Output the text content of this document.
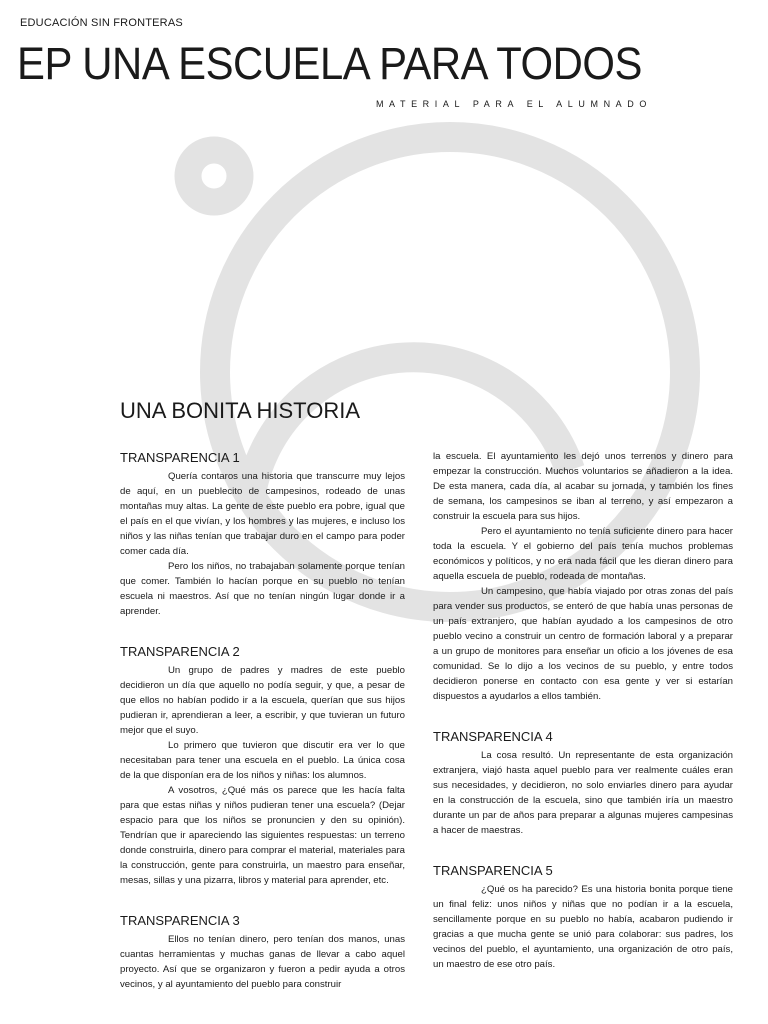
EDUCACIÓN SIN FRONTERAS
EP UNA ESCUELA PARA TODOS
MATERIAL PARA EL ALUMNADO
UNA BONITA HISTORIA
TRANSPARENCIA 1

Quería contaros una historia que transcurre muy lejos de aquí, en un pueblecito de campesinos, rodeado de unas montañas muy altas. La gente de este pueblo era pobre, igual que el país en el que vivían, y los hombres y las mujeres, e incluso los niños y las niñas tenían que trabajar duro en el campo para poder comer cada día.

Pero los niños, no trabajaban solamente porque tenían que comer. También lo hacían porque en su pueblo no tenían escuela ni maestros. Así que no tenían ningún lugar donde ir a aprender.

TRANSPARENCIA 2

Un grupo de padres y madres de este pueblo decidieron un día que aquello no podía seguir, y que, a pesar de que ellos no habían podido ir a la escuela, querían que sus hijos pudieran ir, aprendieran a leer, a escribir, y que tuvieran un futuro mejor que el suyo.

Lo primero que tuvieron que discutir era ver lo que necesitaban para tener una escuela en el pueblo. La única cosa de la que disponían era de los niños y niñas: los alumnos.

A vosotros, ¿Qué más os parece que les hacía falta para que estas niñas y niños pudieran tener una escuela? (Dejar espacio para que los niños se pronuncien y den su opinión). Tendrían que ir apareciendo las siguientes respuestas: un terreno donde construirla, dinero para comprar el material, materiales para la construcción, gente para construirla, un maestro para enseñar, mesas, sillas y una pizarra, libros y material para aprender, etc.

TRANSPARENCIA 3

Ellos no tenían dinero, pero tenían dos manos, unas cuantas herramientas y muchas ganas de llevar a cabo aquel proyecto. Así que se organizaron y fueron a pedir ayuda a otros vecinos, y al ayuntamiento del pueblo para construir

la escuela. El ayuntamiento les dejó unos terrenos y dinero para empezar la construcción. Muchos voluntarios se añadieron a la idea. De esta manera, cada día, al acabar su jornada, y también los fines de semana, los campesinos se iban al terreno, y así empezaron a construir la escuela para sus hijos.

Pero el ayuntamiento no tenía suficiente dinero para hacer toda la escuela. Y el gobierno del país tenía muchos problemas económicos y políticos, y no era nada fácil que les dieran dinero para aquella escuela de pueblo, rodeada de montañas.

Un campesino, que había viajado por otras zonas del país para vender sus productos, se enteró de que había unas personas de un país extranjero, que habían ayudado a los campesinos de otro pueblo vecino a construir un centro de formación laboral y a preparar a un grupo de monitores para enseñar un oficio a los jóvenes de esa comunidad. Se lo dijo a los vecinos de su pueblo, y entre todos decidieron ponerse en contacto con esa gente y ver si estarían dispuestos a ayudarlos a ellos también.

TRANSPARENCIA 4

La cosa resultó. Un representante de esta organización extranjera, viajó hasta aquel pueblo para ver realmente cuáles eran sus necesidades, y decidieron, no solo enviarles dinero para ayudar en la construcción de la escuela, sino que también iría un maestro durante un par de años para preparar a algunas mujeres campesinas a hacer de maestras.

TRANSPARENCIA 5

¿Qué os ha parecido? Es una historia bonita porque tiene un final feliz: unos niños y niñas que no podían ir a la escuela, sencillamente porque en su pueblo no había, acabaron pudiendo ir gracias a que mucha gente se unió para colaborar: sus padres, los vecinos del pueblo, el ayuntamiento, una organización de otro país, un maestro de ese otro país.
